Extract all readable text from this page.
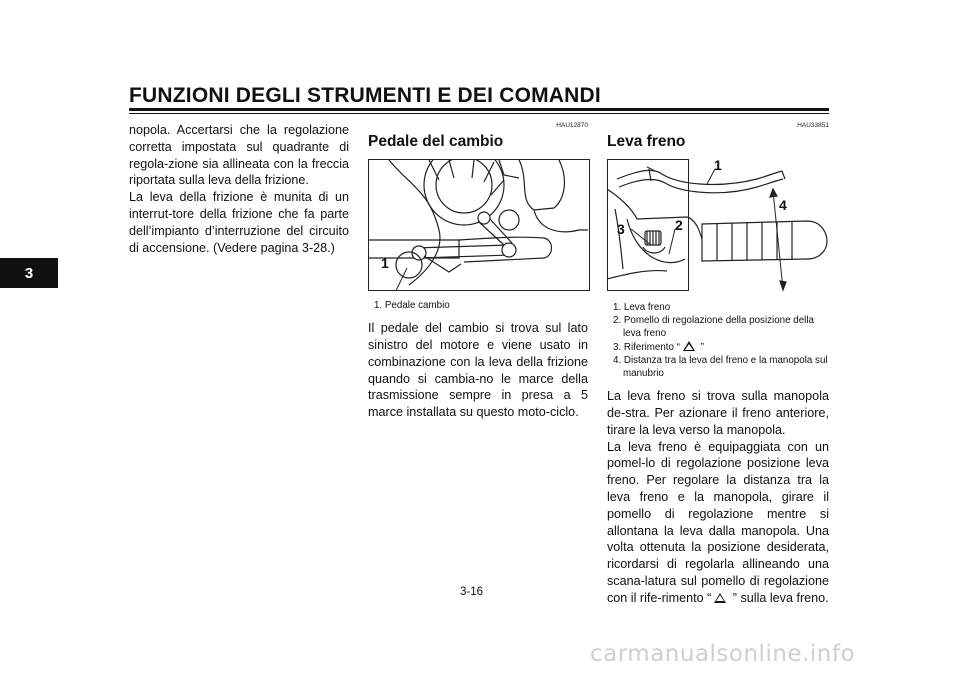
FUNZIONI DEGLI STRUMENTI E DEI COMANDI
3

nopola. Accertarsi che la regolazione corretta impostata sul quadrante di regola-zione sia allineata con la freccia riportata sulla leva della frizione.

La leva della frizione è munita di un interrut-tore della frizione che fa parte dell’impianto d’interruzione del circuito di accensione. (Vedere pagina 3-28.)

HAU12870
Pedale del cambio
1
1. Pedale cambio

Il pedale del cambio si trova sul lato sinistro del motore e viene usato in combinazione con la leva della frizione quando si cambia-no le marce della trasmissione sempre in presa a 5 marce installata su questo moto-ciclo.

HAU33851
Leva freno
1
2
3
4
1. Leva freno
2. Pomello di regolazione della posizione della leva freno
3. Riferimento “ ”
4. Distanza tra la leva del freno e la manopola sul manubrio

La leva freno si trova sulla manopola de-stra. Per azionare il freno anteriore, tirare la leva verso la manopola.

La leva freno è equipaggiata con un pomel-lo di regolazione posizione leva freno. Per regolare la distanza tra la leva freno e la manopola, girare il pomello di regolazione mentre si allontana la leva dalla manopola. Una volta ottenuta la posizione desiderata, ricordarsi di regolarla allineando una scana-latura sul pomello di regolazione con il rife-rimento “ ” sulla leva freno.

3-16
carmanualsonline.info
